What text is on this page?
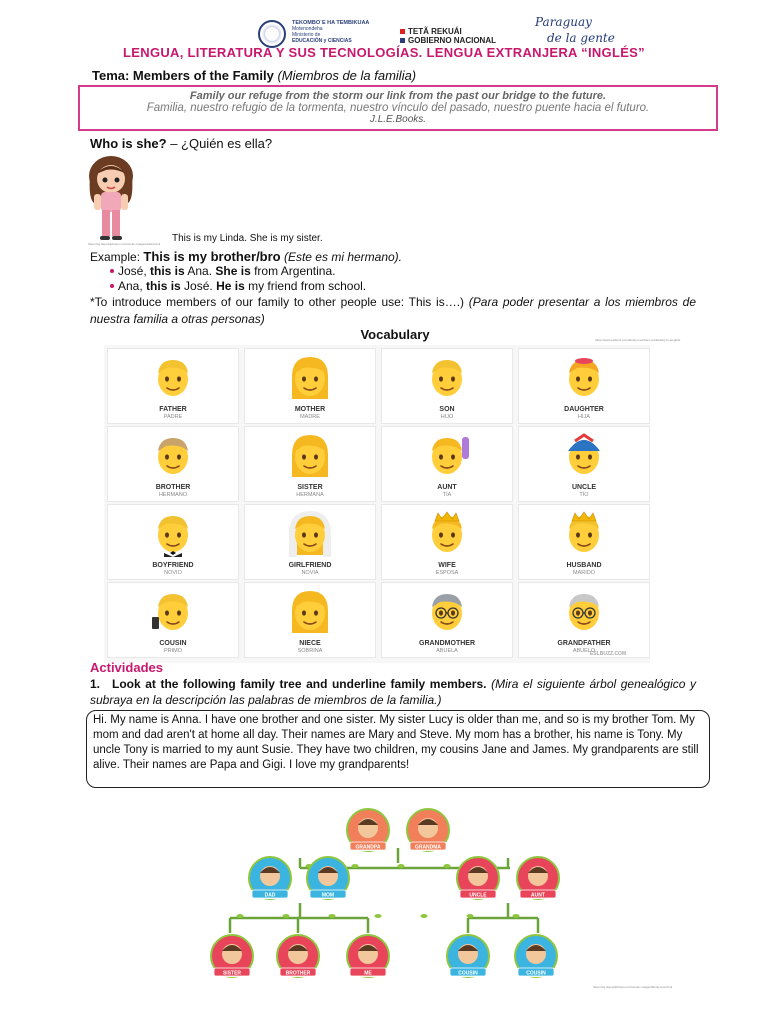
TEKOMBO´E HA TEMBIKUAA
Motenondeha
Ministerio de
EDUCACIÓN y CIENCIAS
TETÃ REKUÁI
GOBIERNO NACIONAL
Paraguay
de la gente
LENGUA, LITERATURA Y SUS TECNOLOGÍAS. LENGUA EXTRANJERA “INGLÉS”
Tema: Members of the Family (Miembros de la familia)
Family our refuge from the storm our link from the past our bridge to the future.
Familia, nuestro refugio de la tormenta, nuestro vínculo del pasado, nuestro puente hacia el futuro.
J.L.E.Books.
Who is she? – ¿Quién es ella?
This is my Linda. She is my sister.
https://sg.depositphotos.com/vector-images/sister.html
Example: This is my brother/bro (Este es mi hermano).
José, this is Ana. She is from Argentina.
Ana, this is José. He is my friend from school.
*To introduce members of our family to other people use: This is….) (Para poder presentar a los miembros de nuestra familia a otras personas)
Vocabulary	https://www.eslbuzz.com/family-members-vocabulary-in-english/
FATHER
PADRE
MOTHER
MADRE
SON
HIJO
DAUGHTER
HIJA
BROTHER
HERMANO
SISTER
HERMANA
AUNT
TÍA
UNCLE
TÍO
BOYFRIEND
NOVIO
GIRLFRIEND
NOVIA
WIFE
ESPOSA
HUSBAND
MARIDO
COUSIN
PRIMO
NIECE
SOBRINA
GRANDMOTHER
ABUELA
GRANDFATHER
ABUELO
ESLBUZZ.COM
Actividades
1. Look at the following family tree and underline family members. (Mira el siguiente árbol genealógico y subraya en la descripción las palabras de miembros de la familia.)
Hi. My name is Anna. I have one brother and one sister. My sister Lucy is older than me, and so is my brother Tom. My mom and dad aren't at home all day. Their names are Mary and Steve. My mom has a brother, his name is Tony. My uncle Tony is married to my aunt Susie. They have two children, my cousins Jane and James. My grandparents are still alive. Their names are Papa and Gigi. I love my grandparents!
GRANDPA	GRANDMA
DAD	MOM	UNCLE	AUNT
SISTER	BROTHER	ME	COUSIN	COUSIN
https://sg.depositphotos.com/vector-images/family-tree.html
